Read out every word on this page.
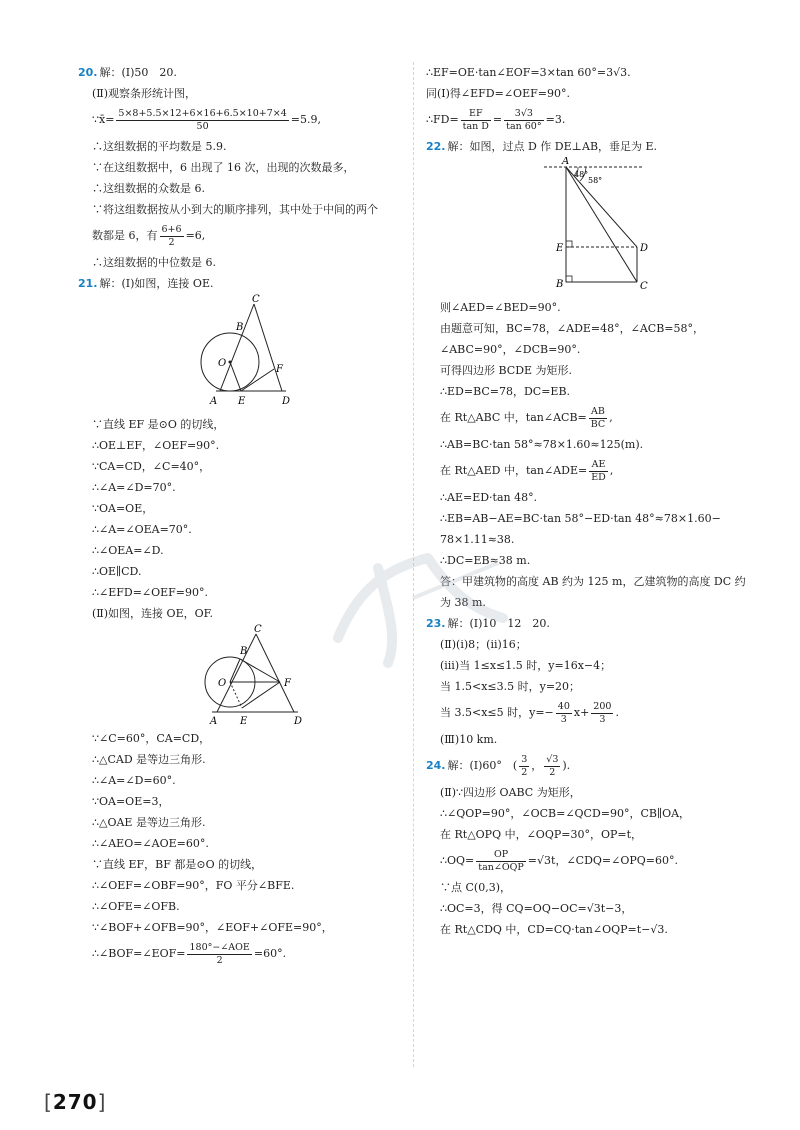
20. 解：(Ⅰ)50　20.
(Ⅱ)观察条形统计图，
∵x̄= $\frac{5\times 8+5.5\times 12+6\times 16+6.5\times 10+7\times 4}{50} =5.9$,
∴这组数据的平均数是 5.9.
∵在这组数据中，6 出现了 16 次，出现的次数最多，
∴这组数据的众数是 6.
∵将这组数据按从小到大的顺序排列，其中处于中间的两个
数都是 6，有 $\frac{6+6}{2} =6$,
∴这组数据的中位数是 6.
21. 解：(Ⅰ)如图，连接 OE.
C
B
O
F
A E	D
∵直线 EF 是⊙O 的切线，
∴OE⊥EF，∠OEF=90°.
∵CA=CD，∠C=40°，
∴∠A=∠D=70°.
∵OA=OE，
∴∠A=∠OEA=70°.
∴∠OEA=∠D.
∴OE∥CD.
∴∠EFD=∠OEF=90°.
(Ⅱ)如图，连接 OE，OF.
C
B
O	F
A E	D
∵∠C=60°，CA=CD，
∴△CAD 是等边三角形.
∴∠A=∠D=60°.
∵OA=OE=3，
∴△OAE 是等边三角形.
∴∠AEO=∠AOE=60°.
∵直线 EF，BF 都是⊙O 的切线，
∴∠OEF=∠OBF=90°，FO 平分∠BFE.
∴∠OFE=∠OFB.
∵∠BOF+∠OFB=90°，∠EOF+∠OFE=90°，
∴∠BOF=∠EOF= $\frac{\text{180°−∠AOE}}{2} =60^\circ$.
∴EF=OE·tan∠EOF=3×tan 60°=3√3.
同(Ⅰ)得∠EFD=∠OEF=90°.
∴FD= $\frac{EF}{\text{tan D}} = \frac{3√3}{\tan 60^\circ} =3$.
22. 解：如图，过点 D 作 DE⊥AB，垂足为 E.
A
48°
58°
E	D
B	C
则∠AED=∠BED=90°.
由题意可知，BC=78，∠ADE=48°，∠ACB=58°，
∠ABC=90°，∠DCB=90°.
可得四边形 BCDE 为矩形.
∴ED=BC=78，DC=EB.
在 Rt△ABC 中，tan∠ACB= $\frac{AB}{BC}$ ,
∴AB=BC·tan 58°≈78×1.60≈125(m).
在 Rt△AED 中，tan∠ADE= $\frac{AE}{ED}$ ,
∴AE=ED·tan 48°.
∴EB=AB−AE=BC·tan 58°−ED·tan 48°≈78×1.60−
78×1.11≈38.
∴DC=EB≈38 m.
答：甲建筑物的高度 AB 约为 125 m，乙建筑物的高度 DC 约
为 38 m.
23. 解：(Ⅰ)10　12　20.
(Ⅱ)(ⅰ)8；(ⅱ)16；
(ⅲ)当 1≤x≤1.5 时，y=16x−4；
当 1.5<x≤3.5 时，y=20；
当 3.5<x≤5 时，$y=- \frac{40}{3} x+ \frac{200}{3}$ .
(Ⅲ)10 km.
24. 解：(Ⅰ)60°　( $\frac{3}{2}$ ， $\frac{√3}{2}$ ).
(Ⅱ)∵四边形 OABC 为矩形，
∴∠QOP=90°，∠OCB=∠QCD=90°，CB∥OA，
在 Rt△OPQ 中，∠OQP=30°，OP=t，
∴OQ= $\frac{OP}{\text{tan∠OQP}} =√3t$，∠CDQ=∠OPQ=60°.
∵点 C(0,3)，
∴OC=3，得 CQ=OQ−OC=√3t−3，
在 Rt△CDQ 中，CD=CQ·tan∠OQP=t−√3.
[270]
